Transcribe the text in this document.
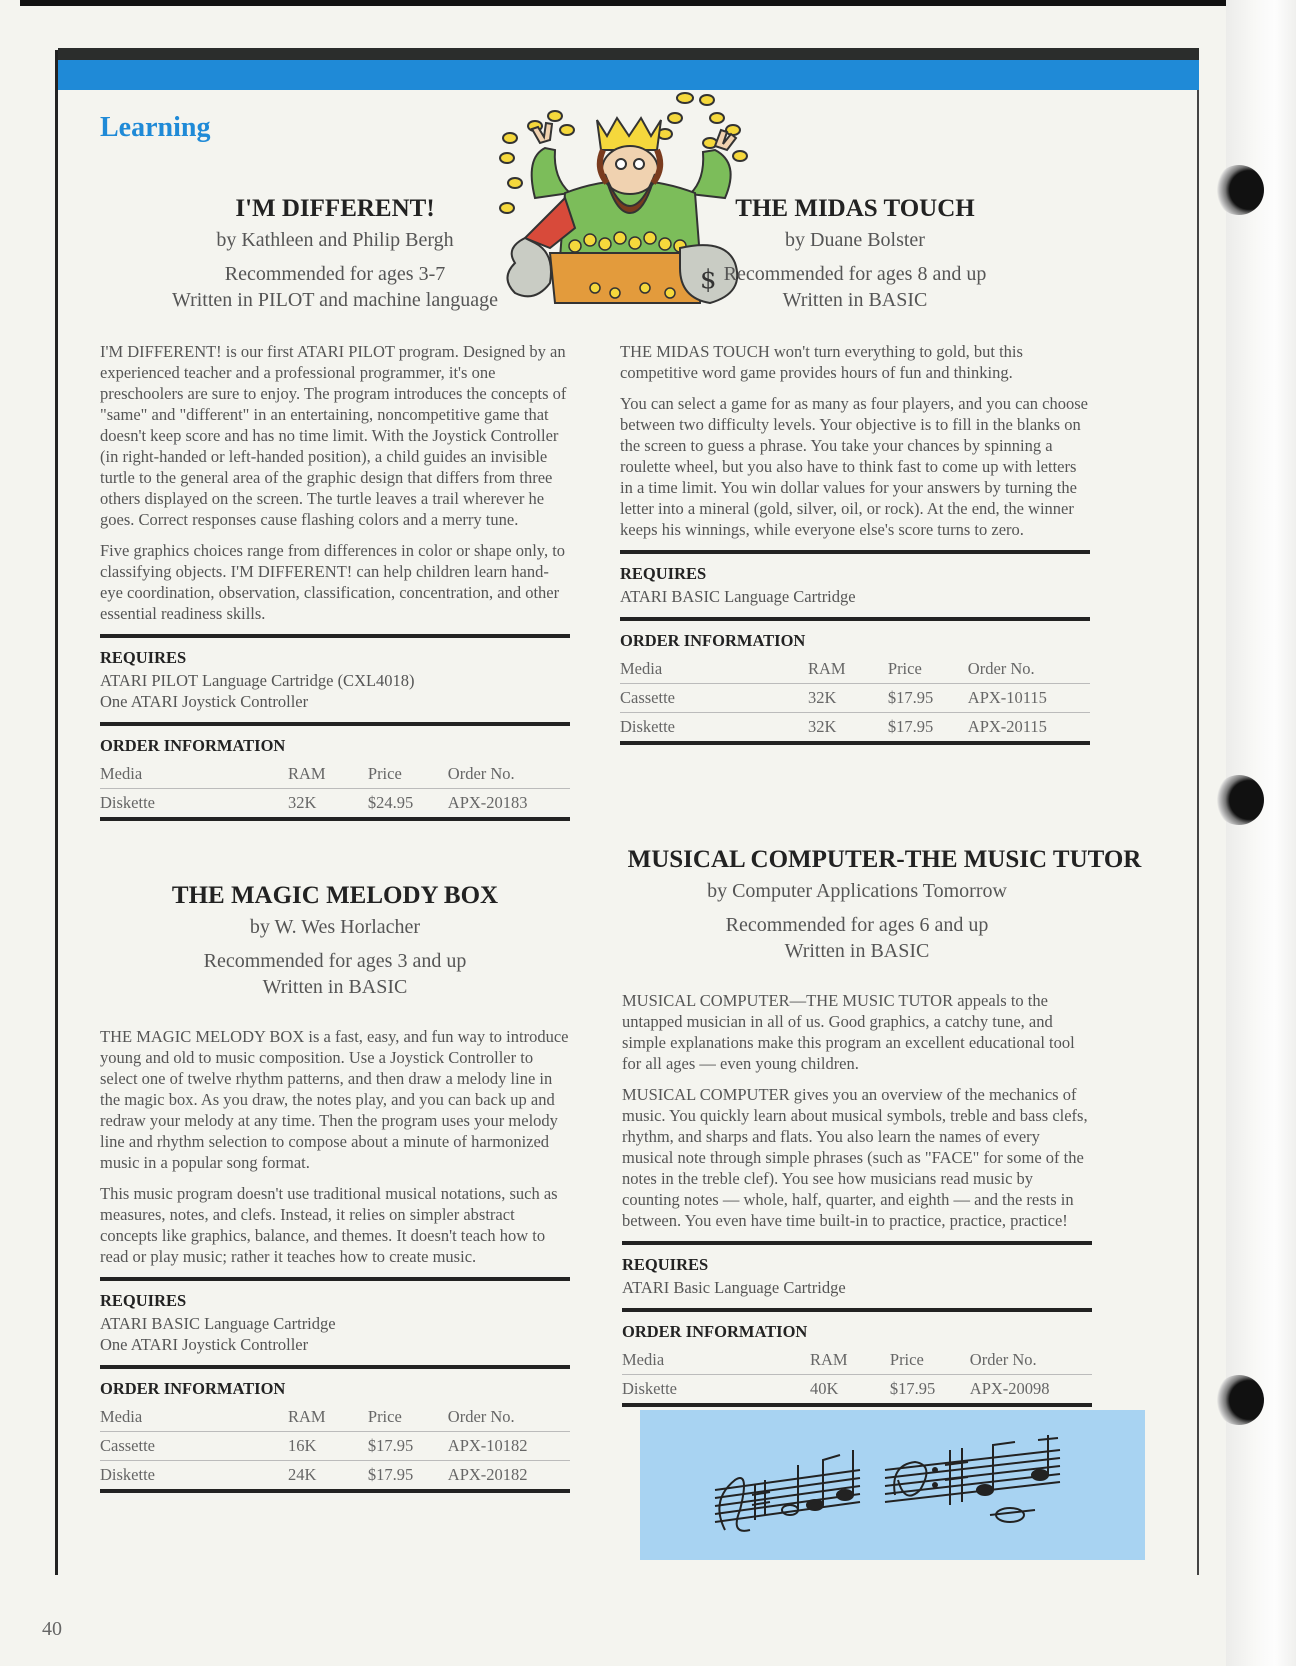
Learning
$

I'M DIFFERENT!

by Kathleen and Philip Bergh

Recommended for ages 3-7

Written in PILOT and machine language

I'M DIFFERENT! is our first ATARI PILOT program. Designed by an experienced teacher and a professional programmer, it's one preschoolers are sure to enjoy. The program introduces the concepts of "same" and "different" in an entertaining, noncompetitive game that doesn't keep score and has no time limit. With the Joystick Controller (in right-handed or left-handed position), a child guides an invisible turtle to the general area of the graphic design that differs from three others displayed on the screen. The turtle leaves a trail wherever he goes. Correct responses cause flashing colors and a merry tune.

Five graphics choices range from differences in color or shape only, to classifying objects. I'M DIFFERENT! can help children learn hand-eye coordination, observation, classification, concentration, and other essential readiness skills.

REQUIRES
ATARI PILOT Language Cartridge (CXL4018)
One ATARI Joystick Controller
ORDER INFORMATION
Media	RAM	Price	Order No.
Diskette	32K	$24.95	APX-20183

THE MIDAS TOUCH

by Duane Bolster

Recommended for ages 8 and up

Written in BASIC

THE MIDAS TOUCH won't turn everything to gold, but this competitive word game provides hours of fun and thinking.

You can select a game for as many as four players, and you can choose between two difficulty levels. Your objective is to fill in the blanks on the screen to guess a phrase. You take your chances by spinning a roulette wheel, but you also have to think fast to come up with letters in a time limit. You win dollar values for your answers by turning the letter into a mineral (gold, silver, oil, or rock). At the end, the winner keeps his winnings, while everyone else's score turns to zero.

REQUIRES
ATARI BASIC Language Cartridge
ORDER INFORMATION
Media	RAM	Price	Order No.
Cassette	32K	$17.95	APX-10115
Diskette	32K	$17.95	APX-20115

THE MAGIC MELODY BOX

by W. Wes Horlacher

Recommended for ages 3 and up

Written in BASIC

THE MAGIC MELODY BOX is a fast, easy, and fun way to introduce young and old to music composition. Use a Joystick Controller to select one of twelve rhythm patterns, and then draw a melody line in the magic box. As you draw, the notes play, and you can back up and redraw your melody at any time. Then the program uses your melody line and rhythm selection to compose about a minute of harmonized music in a popular song format.

This music program doesn't use traditional musical notations, such as measures, notes, and clefs. Instead, it relies on simpler abstract concepts like graphics, balance, and themes. It doesn't teach how to read or play music; rather it teaches how to create music.

REQUIRES
ATARI BASIC Language Cartridge
One ATARI Joystick Controller
ORDER INFORMATION
Media	RAM	Price	Order No.
Cassette	16K	$17.95	APX-10182
Diskette	24K	$17.95	APX-20182

MUSICAL COMPUTER-THE MUSIC TUTOR

by Computer Applications Tomorrow

Recommended for ages 6 and up

Written in BASIC

MUSICAL COMPUTER—THE MUSIC TUTOR appeals to the untapped musician in all of us. Good graphics, a catchy tune, and simple explanations make this program an excellent educational tool for all ages — even young children.

MUSICAL COMPUTER gives you an overview of the mechanics of music. You quickly learn about musical symbols, treble and bass clefs, rhythm, and sharps and flats. You also learn the names of every musical note through simple phrases (such as "FACE" for some of the notes in the treble clef). You see how musicians read music by counting notes — whole, half, quarter, and eighth — and the rests in between. You even have time built-in to practice, practice, practice!

REQUIRES
ATARI Basic Language Cartridge
ORDER INFORMATION
Media	RAM	Price	Order No.
Diskette	40K	$17.95	APX-20098
40
